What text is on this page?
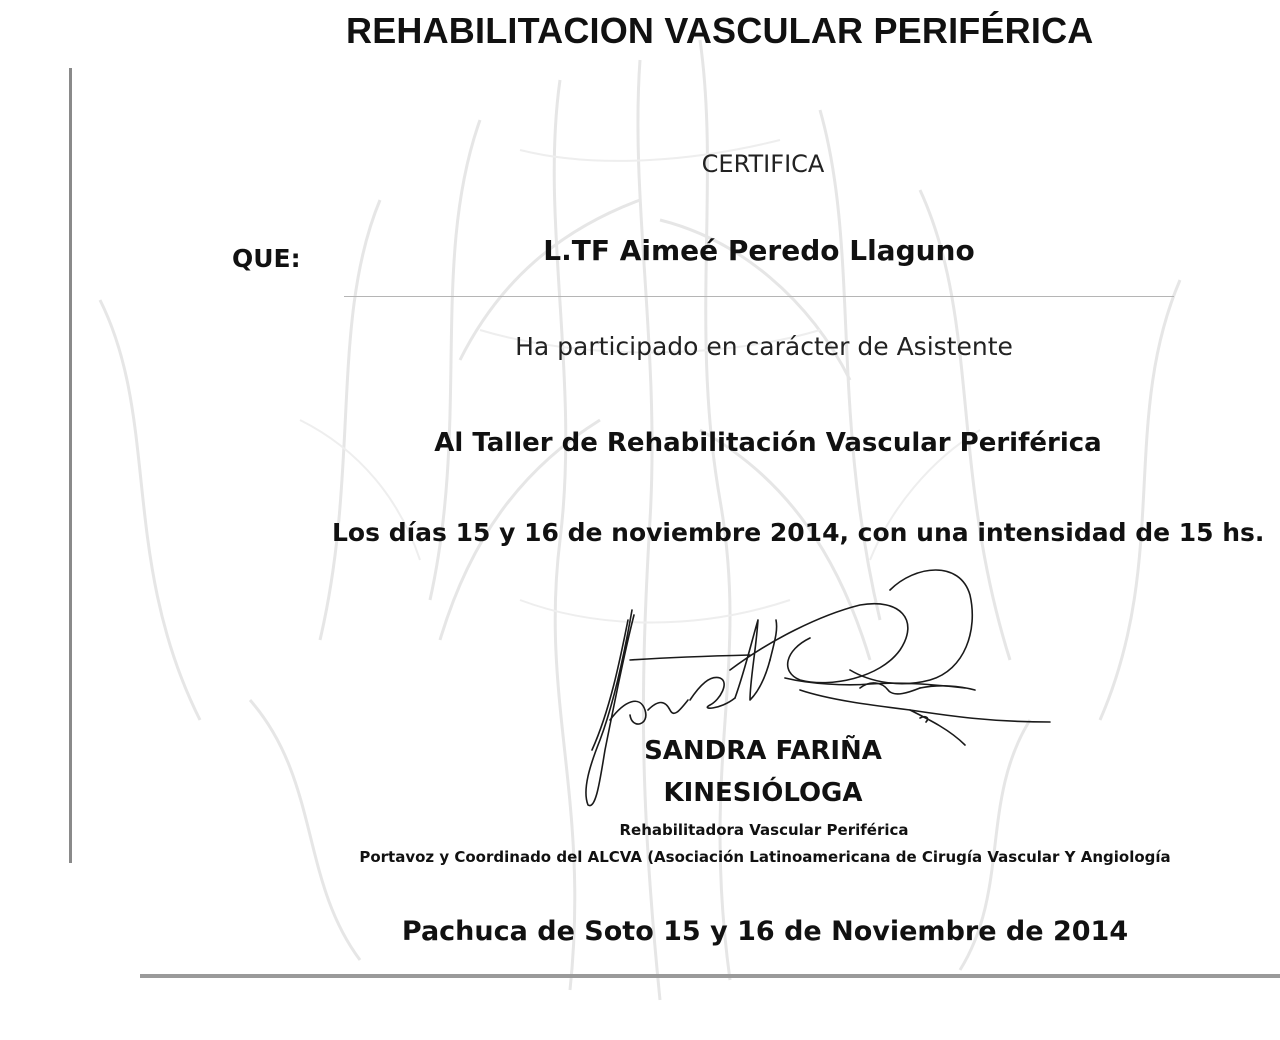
REHABILITACION VASCULAR PERIFÉRICA
CERTIFICA
QUE:	L.TF Aimeé Peredo Llaguno
Ha participado en carácter de Asistente
Al Taller de Rehabilitación Vascular Periférica
Los días 15 y 16 de noviembre 2014, con una intensidad de 15 hs.
SANDRA FARIÑA
KINESIÓLOGA
Rehabilitadora Vascular Periférica
Portavoz y Coordinado del ALCVA (Asociación Latinoamericana de Cirugía Vascular Y Angiología
Pachuca de Soto 15 y 16 de Noviembre de 2014
